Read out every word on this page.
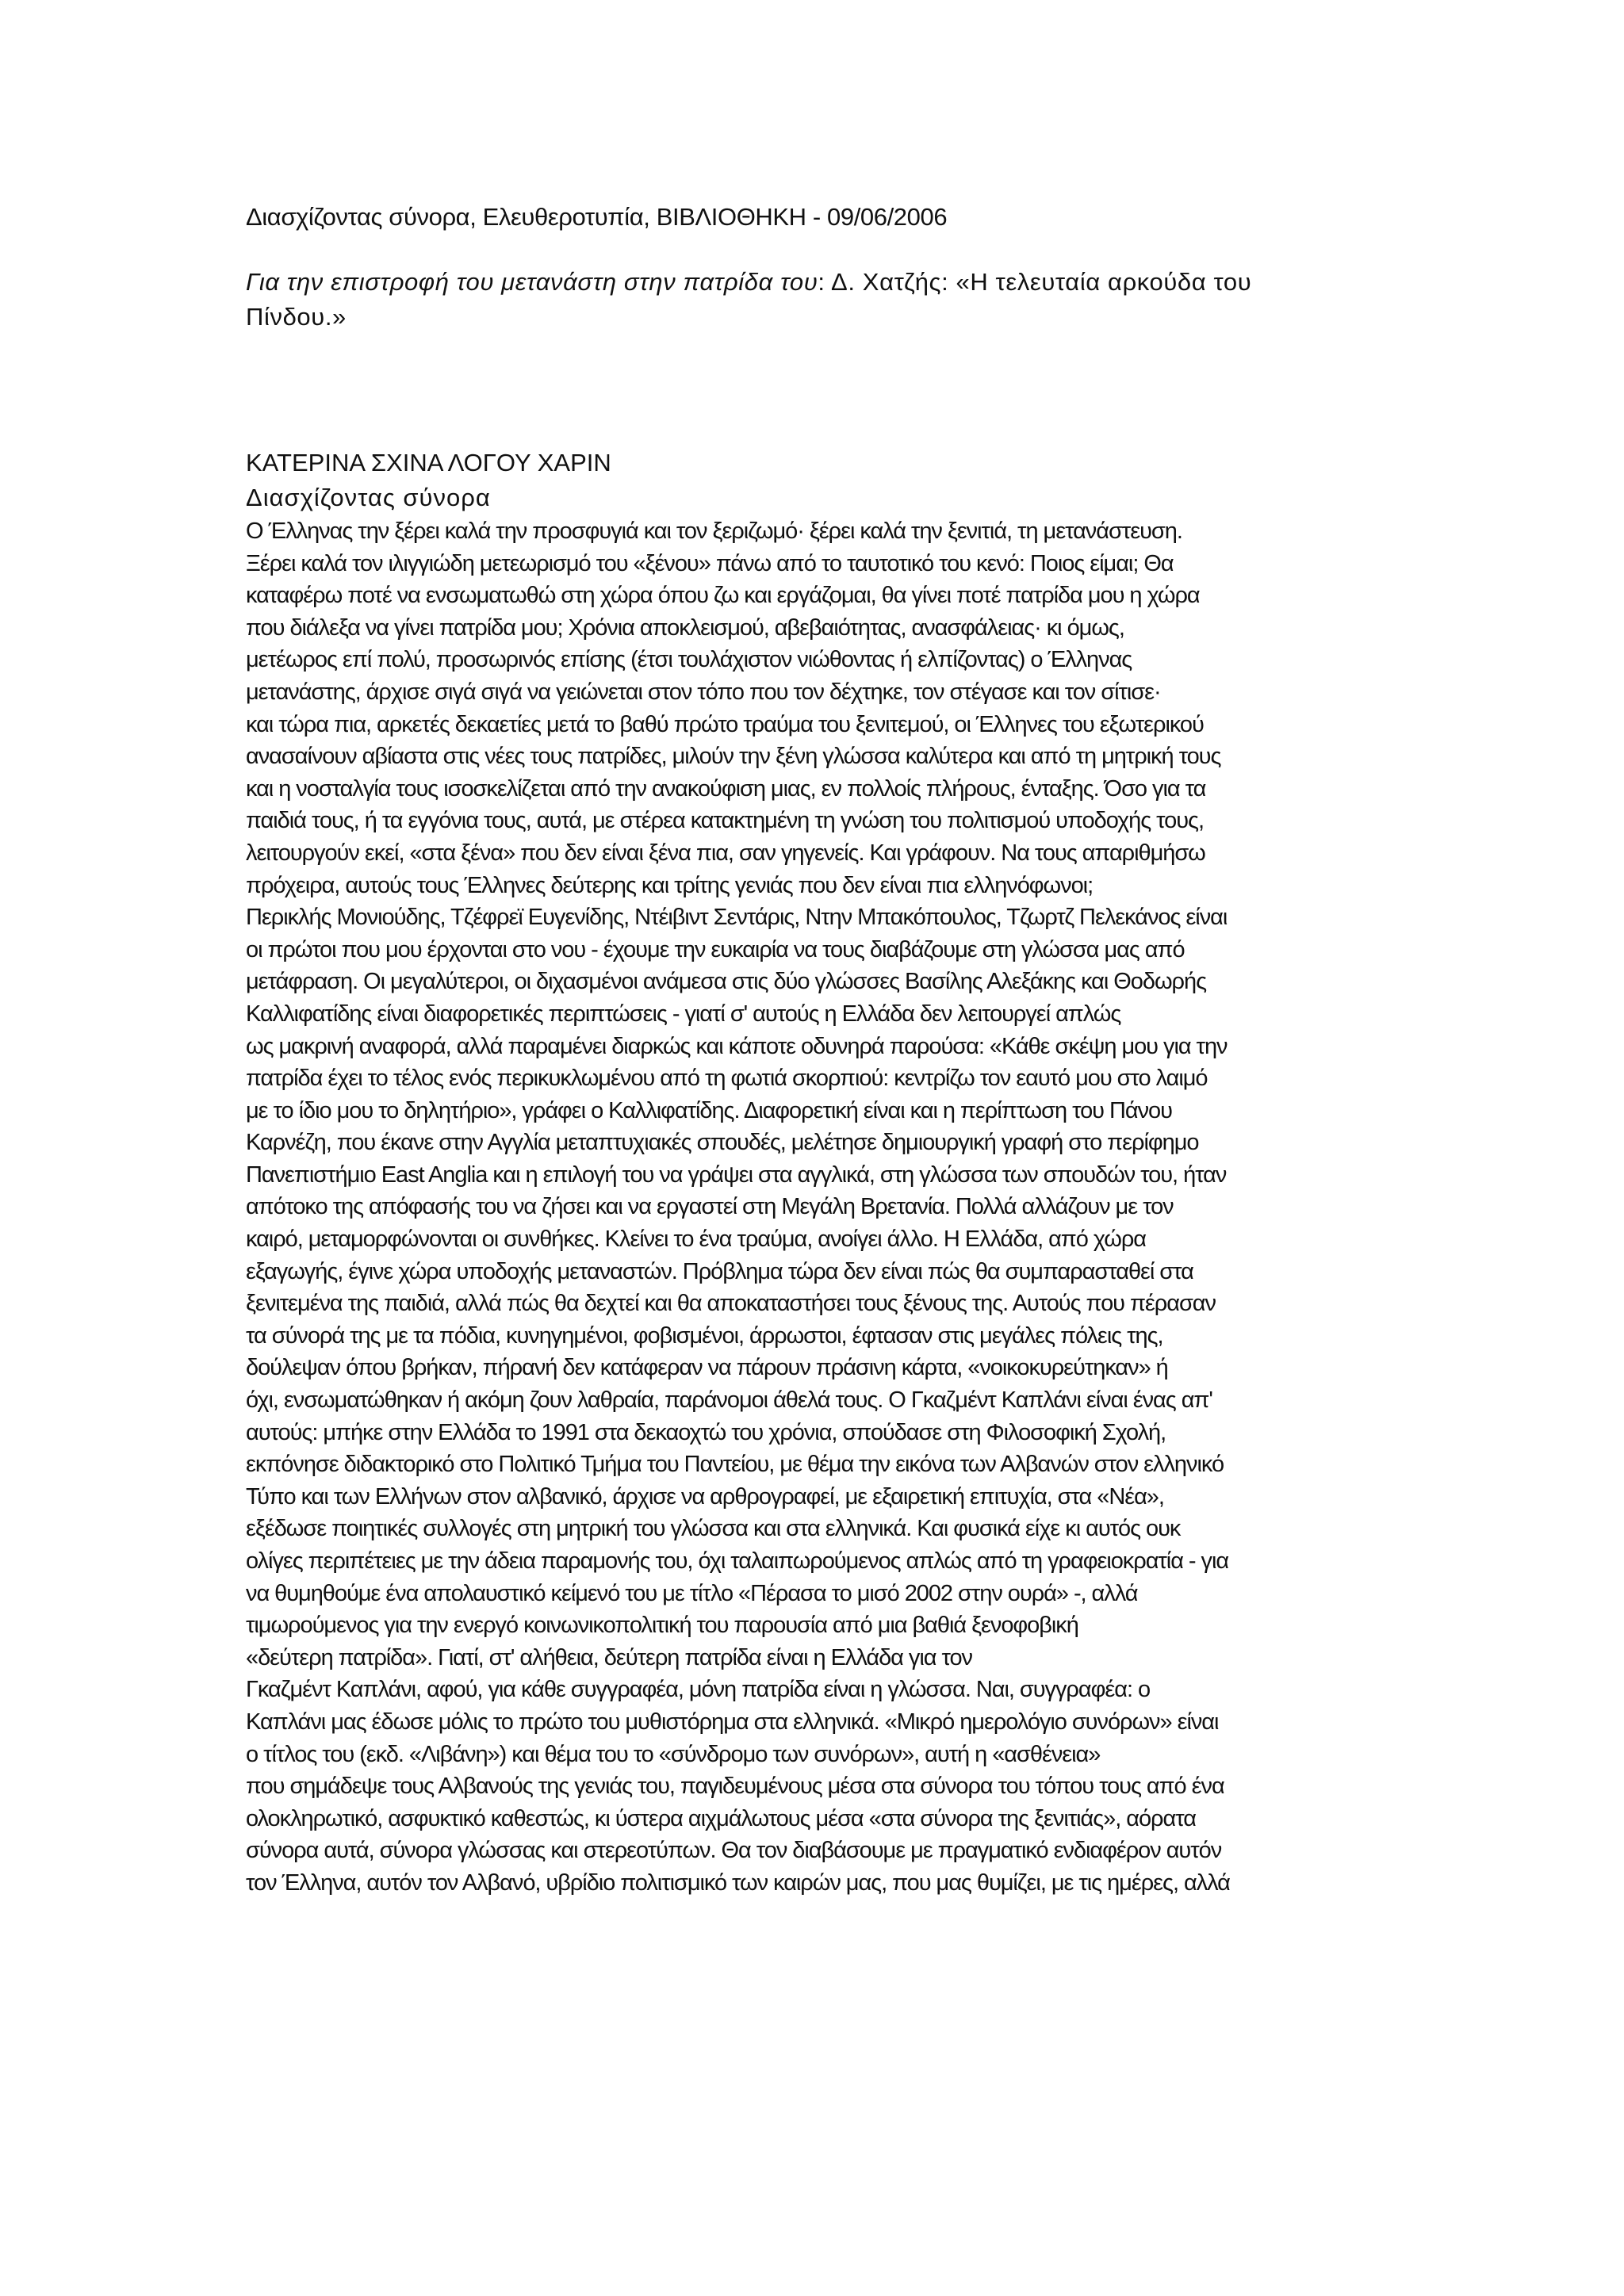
Διασχίζοντας σύνορα, Ελευθεροτυπία, ΒΙΒΛΙΟΘΗΚΗ - 09/06/2006
Για την επιστροφή του μετανάστη στην πατρίδα του: Δ. Χατζής: «Η τελευταία αρκούδα του
Πίνδου.»
ΚΑΤΕΡΙΝΑ ΣΧΙΝΑ ΛΟΓΟΥ ΧΑΡΙΝ
Διασχίζοντας σύνορα
Ο Έλληνας την ξέρει καλά την προσφυγιά και τον ξεριζωμό· ξέρει καλά την ξενιτιά, τη μετανάστευση.
Ξέρει καλά τον ιλιγγιώδη μετεωρισμό του «ξένου» πάνω από το ταυτοτικό του κενό: Ποιος είμαι; Θα
καταφέρω ποτέ να ενσωματωθώ στη χώρα όπου ζω και εργάζομαι, θα γίνει ποτέ πατρίδα μου η χώρα
που διάλεξα να γίνει πατρίδα μου; Χρόνια αποκλεισμού, αβεβαιότητας, ανασφάλειας· κι όμως,
μετέωρος επί πολύ, προσωρινός επίσης (έτσι τουλάχιστον νιώθοντας ή ελπίζοντας) ο Έλληνας
μετανάστης, άρχισε σιγά σιγά να γειώνεται στον τόπο που τον δέχτηκε, τον στέγασε και τον σίτισε·
και τώρα πια, αρκετές δεκαετίες μετά το βαθύ πρώτο τραύμα του ξενιτεμού, οι Έλληνες του εξωτερικού
ανασαίνουν αβίαστα στις νέες τους πατρίδες, μιλούν την ξένη γλώσσα καλύτερα και από τη μητρική τους
και η νοσταλγία τους ισοσκελίζεται από την ανακούφιση μιας, εν πολλοίς πλήρους, ένταξης. Όσο για τα
παιδιά τους, ή τα εγγόνια τους, αυτά, με στέρεα κατακτημένη τη γνώση του πολιτισμού υποδοχής τους,
λειτουργούν εκεί, «στα ξένα» που δεν είναι ξένα πια, σαν γηγενείς. Και γράφουν. Να τους απαριθμήσω
πρόχειρα, αυτούς τους Έλληνες δεύτερης και τρίτης γενιάς που δεν είναι πια ελληνόφωνοι;
Περικλής Μονιούδης, Τζέφρεϊ Ευγενίδης, Ντέιβιντ Σεντάρις, Ντην Μπακόπουλος, Τζωρτζ Πελεκάνος είναι
οι πρώτοι που μου έρχονται στο νου - έχουμε την ευκαιρία να τους διαβάζουμε στη γλώσσα μας από
μετάφραση. Οι μεγαλύτεροι, οι διχασμένοι ανάμεσα στις δύο γλώσσες Βασίλης Αλεξάκης και Θοδωρής
Καλλιφατίδης είναι διαφορετικές περιπτώσεις - γιατί σ' αυτούς η Ελλάδα δεν λειτουργεί απλώς
ως μακρινή αναφορά, αλλά παραμένει διαρκώς και κάποτε οδυνηρά παρούσα: «Κάθε σκέψη μου για την
πατρίδα έχει το τέλος ενός περικυκλωμένου από τη φωτιά σκορπιού: κεντρίζω τον εαυτό μου στο λαιμό
με το ίδιο μου το δηλητήριο», γράφει ο Καλλιφατίδης. Διαφορετική είναι και η περίπτωση του Πάνου
Καρνέζη, που έκανε στην Αγγλία μεταπτυχιακές σπουδές, μελέτησε δημιουργική γραφή στο περίφημο
Πανεπιστήμιο East Anglia και η επιλογή του να γράψει στα αγγλικά, στη γλώσσα των σπουδών του, ήταν
απότοκο της απόφασής του να ζήσει και να εργαστεί στη Μεγάλη Βρετανία. Πολλά αλλάζουν με τον
καιρό, μεταμορφώνονται οι συνθήκες. Κλείνει το ένα τραύμα, ανοίγει άλλο. Η Ελλάδα, από χώρα
εξαγωγής, έγινε χώρα υποδοχής μεταναστών. Πρόβλημα τώρα δεν είναι πώς θα συμπαρασταθεί στα
ξενιτεμένα της παιδιά, αλλά πώς θα δεχτεί και θα αποκαταστήσει τους ξένους της. Αυτούς που πέρασαν
τα σύνορά της με τα πόδια, κυνηγημένοι, φοβισμένοι, άρρωστοι, έφτασαν στις μεγάλες πόλεις της,
δούλεψαν όπου βρήκαν, πήρανή δεν κατάφεραν να πάρουν πράσινη κάρτα, «νοικοκυρεύτηκαν» ή
όχι, ενσωματώθηκαν ή ακόμη ζουν λαθραία, παράνομοι άθελά τους. Ο Γκαζμέντ Καπλάνι είναι ένας απ'
αυτούς: μπήκε στην Ελλάδα το 1991 στα δεκαοχτώ του χρόνια, σπούδασε στη Φιλοσοφική Σχολή,
εκπόνησε διδακτορικό στο Πολιτικό Τμήμα του Παντείου, με θέμα την εικόνα των Αλβανών στον ελληνικό
Τύπο και των Ελλήνων στον αλβανικό, άρχισε να αρθρογραφεί, με εξαιρετική επιτυχία, στα «Νέα»,
εξέδωσε ποιητικές συλλογές στη μητρική του γλώσσα και στα ελληνικά. Και φυσικά είχε κι αυτός ουκ
ολίγες περιπέτειες με την άδεια παραμονής του, όχι ταλαιπωρούμενος απλώς από τη γραφειοκρατία - για
να θυμηθούμε ένα απολαυστικό κείμενό του με τίτλο «Πέρασα το μισό 2002 στην ουρά» -, αλλά
τιμωρούμενος για την ενεργό κοινωνικοπολιτική του παρουσία από μια βαθιά ξενοφοβική
«δεύτερη πατρίδα». Γιατί, στ' αλήθεια, δεύτερη πατρίδα είναι η Ελλάδα για τον
Γκαζμέντ Καπλάνι, αφού, για κάθε συγγραφέα, μόνη πατρίδα είναι η γλώσσα. Ναι, συγγραφέα: ο
Καπλάνι μας έδωσε μόλις το πρώτο του μυθιστόρημα στα ελληνικά. «Μικρό ημερολόγιο συνόρων» είναι
ο τίτλος του (εκδ. «Λιβάνη») και θέμα του το «σύνδρομο των συνόρων», αυτή η «ασθένεια»
που σημάδεψε τους Αλβανούς της γενιάς του, παγιδευμένους μέσα στα σύνορα του τόπου τους από ένα
ολοκληρωτικό, ασφυκτικό καθεστώς, κι ύστερα αιχμάλωτους μέσα «στα σύνορα της ξενιτιάς», αόρατα
σύνορα αυτά, σύνορα γλώσσας και στερεοτύπων. Θα τον διαβάσουμε με πραγματικό ενδιαφέρον αυτόν
τον Έλληνα, αυτόν τον Αλβανό, υβρίδιο πολιτισμικό των καιρών μας, που μας θυμίζει, με τις ημέρες, αλλά
